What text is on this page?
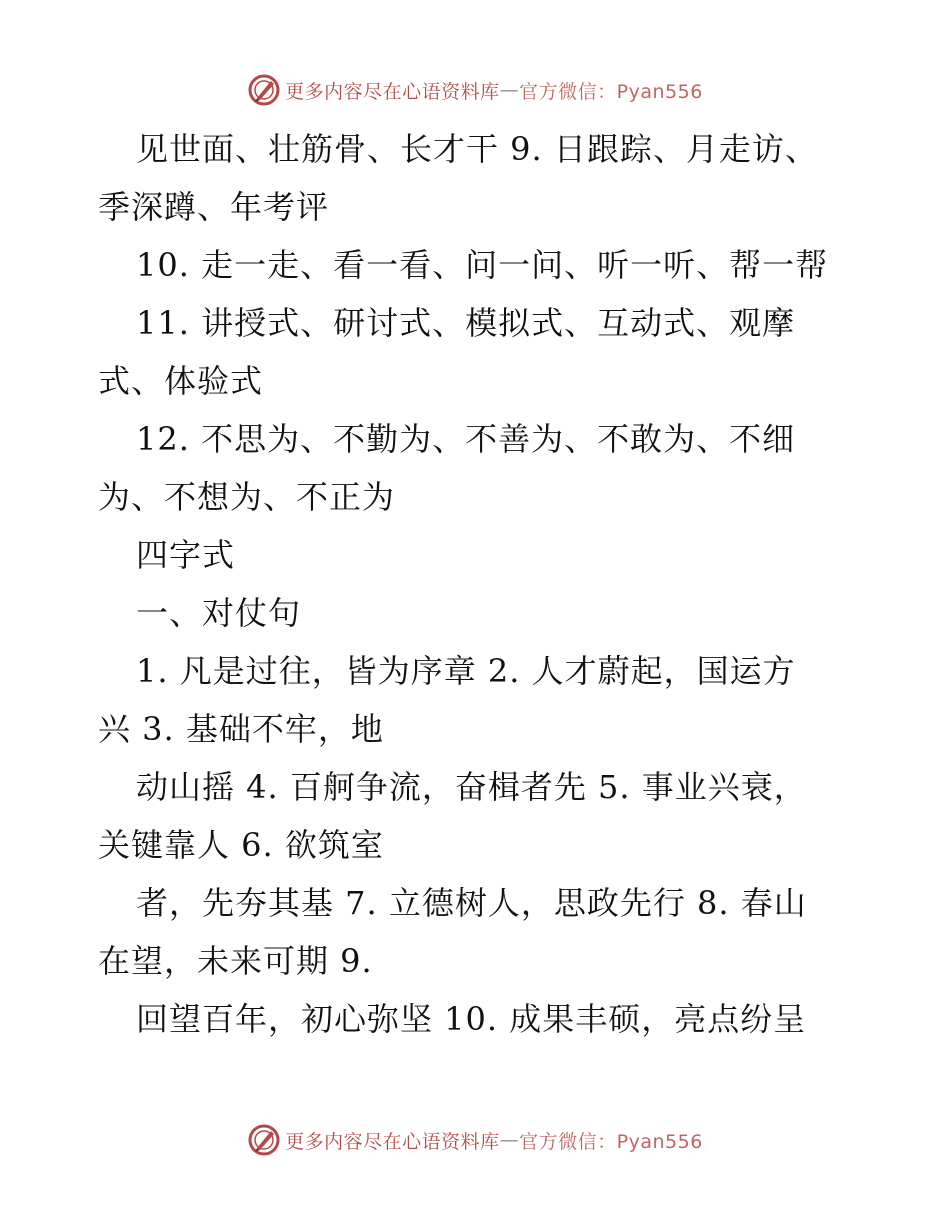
更多内容尽在心语资料库 — 官方微信：Pyan556
见世面、壮筋骨、长才干 9. 日跟踪、月走访、
季深蹲、年考评
10. 走一走、看一看、问一问、听一听、帮一帮
11. 讲授式、研讨式、模拟式、互动式、观摩
式、体验式
12. 不思为、不勤为、不善为、不敢为、不细
为、不想为、不正为
四字式
一、对仗句
1. 凡是过往，皆为序章 2. 人才蔚起，国运方
兴 3. 基础不牢，地
动山摇 4. 百舸争流，奋楫者先 5. 事业兴衰，
关键靠人 6. 欲筑室
者，先夯其基 7. 立德树人，思政先行 8. 春山
在望，未来可期 9.
回望百年，初心弥坚 10. 成果丰硕，亮点纷呈
更多内容尽在心语资料库 — 官方微信：Pyan556
